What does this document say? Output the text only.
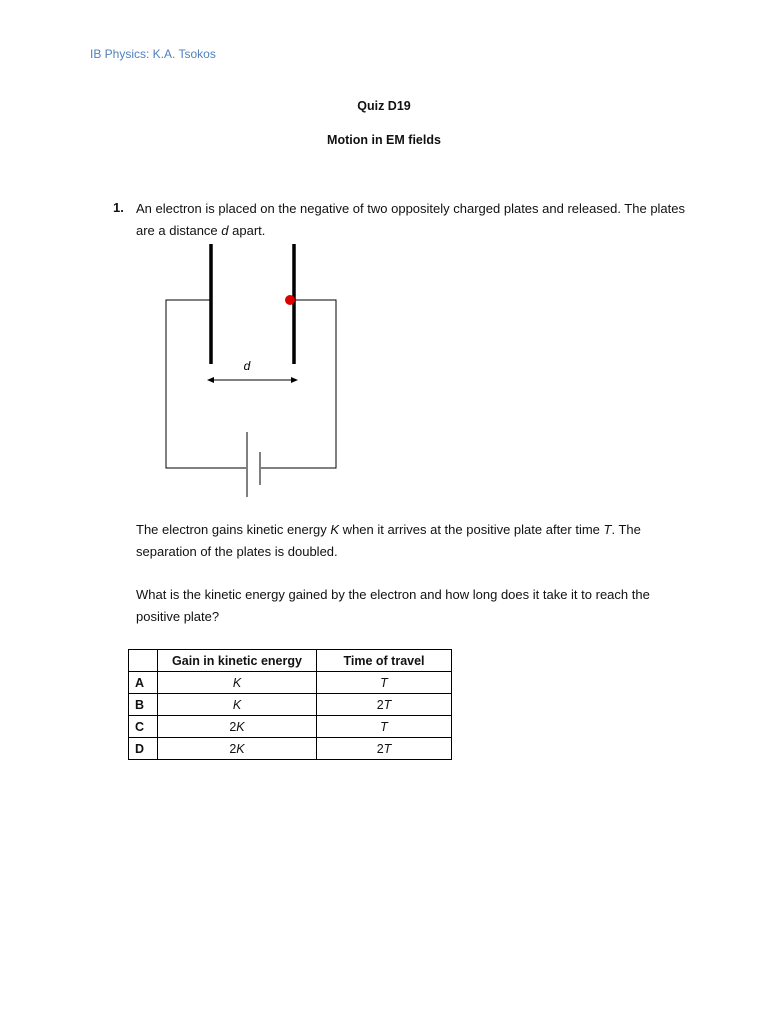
IB Physics: K.A. Tsokos
Quiz D19
Motion in EM fields
1. An electron is placed on the negative of two oppositely charged plates and released. The plates are a distance d apart.
d
The electron gains kinetic energy K when it arrives at the positive plate after time T. The separation of the plates is doubled.
What is the kinetic energy gained by the electron and how long does it take it to reach the positive plate?
	Gain in kinetic energy	Time of travel
A	K	T
B	K	2T
C	2K	T
D	2K	2T
